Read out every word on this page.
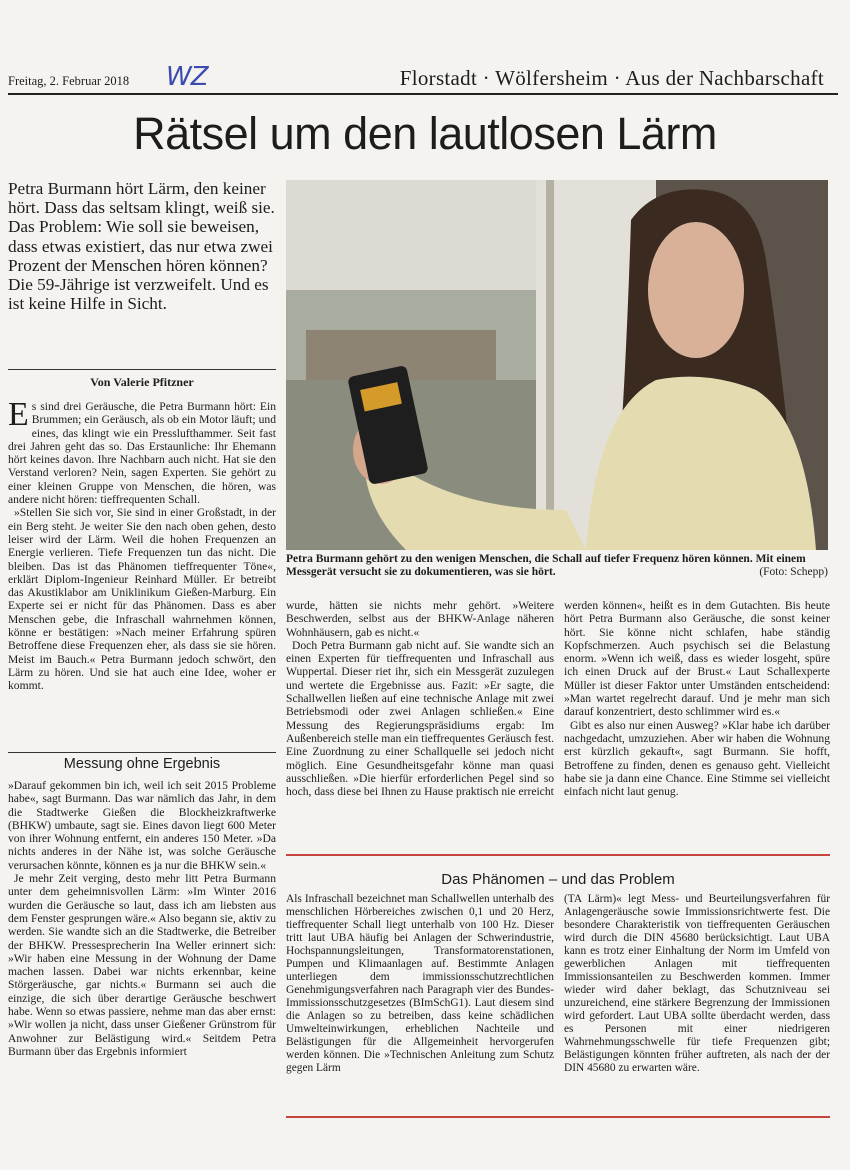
Freitag, 2. Februar 2018 WZ	Florstadt · Wölfersheim · Aus der Nachbarschaft
Rätsel um den lautlosen Lärm
Petra Burmann hört Lärm, den keiner hört. Dass das seltsam klingt, weiß sie. Das Problem: Wie soll sie beweisen, dass etwas existiert, das nur etwa zwei Prozent der Menschen hören können? Die 59-Jährige ist verzweifelt. Und es ist keine Hilfe in Sicht.
Von Valerie Pfitzner

Es sind drei Geräusche, die Petra Burmann hört: Ein Brummen; ein Geräusch, als ob ein Motor läuft; und eines, das klingt wie ein Presslufthammer. Seit fast drei Jahren geht das so. Das Erstaunliche: Ihr Ehemann hört keines davon. Ihre Nachbarn auch nicht. Hat sie den Verstand verloren? Nein, sagen Experten. Sie gehört zu einer kleinen Gruppe von Menschen, die hören, was andere nicht hören: tieffrequenten Schall.

»Stellen Sie sich vor, Sie sind in einer Großstadt, in der ein Berg steht. Je weiter Sie den nach oben gehen, desto leiser wird der Lärm. Weil die hohen Frequenzen an Energie verlieren. Tiefe Frequenzen tun das nicht. Die bleiben. Das ist das Phänomen tieffrequenter Töne«, erklärt Diplom-Ingenieur Reinhard Müller. Er betreibt das Akustiklabor am Uniklinikum Gießen-Marburg. Ein Experte sei er nicht für das Phänomen. Dass es aber Menschen gebe, die Infraschall wahrnehmen können, könne er bestätigen: »Nach meiner Erfahrung spüren Betroffene diese Frequenzen eher, als dass sie sie hören. Meist im Bauch.« Petra Burmann jedoch schwört, den Lärm zu hören. Und sie hat auch eine Idee, woher er kommt.

Messung ohne Ergebnis

»Darauf gekommen bin ich, weil ich seit 2015 Probleme habe«, sagt Burmann. Das war nämlich das Jahr, in dem die Stadtwerke Gießen die Blockheizkraftwerke (BHKW) umbaute, sagt sie. Eines davon liegt 600 Meter von ihrer Wohnung entfernt, ein anderes 150 Meter. »Da nichts anderes in der Nähe ist, was solche Geräusche verursachen könnte, können es ja nur die BHKW sein.«

Je mehr Zeit verging, desto mehr litt Petra Burmann unter dem geheimnisvollen Lärm: »Im Winter 2016 wurden die Geräusche so laut, dass ich am liebsten aus dem Fenster gesprungen wäre.« Also begann sie, aktiv zu werden. Sie wandte sich an die Stadtwerke, die Betreiber der BHKW. Pressesprecherin Ina Weller erinnert sich: »Wir haben eine Messung in der Wohnung der Dame machen lassen. Dabei war nichts erkennbar, keine Störgeräusche, gar nichts.« Burmann sei auch die einzige, die sich über derartige Geräusche beschwert habe. Wenn so etwas passiere, nehme man das aber ernst: »Wir wollen ja nicht, dass unser Gießener Grünstrom für Anwohner zur Belästigung wird.« Seitdem Petra Burmann über das Ergebnis informiert

Petra Burmann gehört zu den wenigen Menschen, die Schall auf tiefer Frequenz hören können. Mit einem Messgerät versucht sie zu dokumentieren, was sie hört.	(Foto: Schepp)

wurde, hätten sie nichts mehr gehört. »Weitere Beschwerden, selbst aus der BHKW-Anlage näheren Wohnhäusern, gab es nicht.«

Doch Petra Burmann gab nicht auf. Sie wandte sich an einen Experten für tieffrequenten und Infraschall aus Wuppertal. Dieser riet ihr, sich ein Messgerät zuzulegen und wertete die Ergebnisse aus. Fazit: »Er sagte, die Schallwellen ließen auf eine technische Anlage mit zwei Betriebsmodi oder zwei Anlagen schließen.« Eine Messung des Regierungspräsidiums ergab: Im Außenbereich stelle man ein tieffrequentes Geräusch fest. Eine Zuordnung zu einer Schallquelle sei jedoch nicht möglich. Eine Gesundheitsgefahr könne man quasi ausschließen. »Die hierfür erforderlichen Pegel sind so hoch, dass diese bei Ihnen zu Hause praktisch nie erreicht

werden können«, heißt es in dem Gutachten. Bis heute hört Petra Burmann also Geräusche, die sonst keiner hört. Sie könne nicht schlafen, habe ständig Kopfschmerzen. Auch psychisch sei die Belastung enorm. »Wenn ich weiß, dass es wieder losgeht, spüre ich einen Druck auf der Brust.« Laut Schallexperte Müller ist dieser Faktor unter Umständen entscheidend: »Man wartet regelrecht darauf. Und je mehr man sich darauf konzentriert, desto schlimmer wird es.«

Gibt es also nur einen Ausweg? »Klar habe ich darüber nachgedacht, umzuziehen. Aber wir haben die Wohnung erst kürzlich gekauft«, sagt Burmann. Sie hofft, Betroffene zu finden, denen es genauso geht. Vielleicht habe sie ja dann eine Chance. Eine Stimme sei vielleicht einfach nicht laut genug.

Das Phänomen – und das Problem
Als Infraschall bezeichnet man Schallwellen unterhalb des menschlichen Hörbereiches zwischen 0,1 und 20 Herz, tieffrequenter Schall liegt unterhalb von 100 Hz. Dieser tritt laut UBA häufig bei Anlagen der Schwerindustrie, Hochspannungsleitungen, Transformatorenstationen, Pumpen und Klimaanlagen auf. Bestimmte Anlagen unterliegen dem immissionsschutzrechtlichen Genehmigungsverfahren nach Paragraph vier des Bundes-Immissionsschutzgesetzes (BImSchG1). Laut diesem sind die Anlagen so zu betreiben, dass keine schädlichen Umwelteinwirkungen, erheblichen Nachteile und Belästigungen für die Allgemeinheit hervorgerufen werden können. Die »Technischen Anleitung zum Schutz gegen Lärm
(TA Lärm)« legt Mess- und Beurteilungsverfahren für Anlagengeräusche sowie Immissionsrichtwerte fest. Die besondere Charakteristik von tieffrequenten Geräuschen wird durch die DIN 45680 berücksichtigt. Laut UBA kann es trotz einer Einhaltung der Norm im Umfeld von gewerblichen Anlagen mit tieffrequenten Immissionsanteilen zu Beschwerden kommen. Immer wieder wird daher beklagt, das Schutzniveau sei unzureichend, eine stärkere Begrenzung der Immissionen wird gefordert. Laut UBA sollte überdacht werden, dass es Personen mit einer niedrigeren Wahrnehmungsschwelle für tiefe Frequenzen gibt; Belästigungen könnten früher auftreten, als nach der der DIN 45680 zu erwarten wäre.
